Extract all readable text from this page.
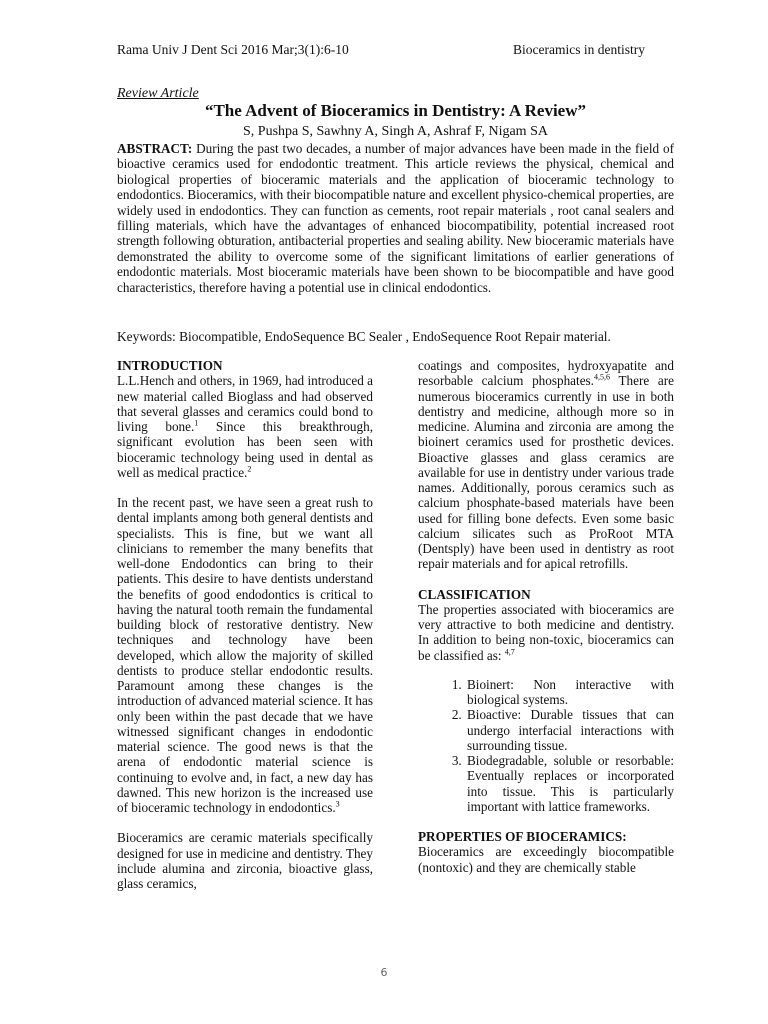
Rama Univ J Dent Sci 2016 Mar;3(1):6-10	Bioceramics in dentistry
Review Article
“The Advent of Bioceramics in Dentistry: A Review”
S, Pushpa S, Sawhny A, Singh A, Ashraf F, Nigam SA

ABSTRACT: During the past two decades, a number of major advances have been made in the field of bioactive ceramics used for endodontic treatment. This article reviews the physical, chemical and biological properties of bioceramic materials and the application of bioceramic technology to endodontics. Bioceramics, with their biocompatible nature and excellent physico-chemical properties, are widely used in endodontics. They can function as cements, root repair materials , root canal sealers and filling materials, which have the advantages of enhanced biocompatibility, potential increased root strength following obturation, antibacterial properties and sealing ability. New bioceramic materials have demonstrated the ability to overcome some of the significant limitations of earlier generations of endodontic materials. Most bioceramic materials have been shown to be biocompatible and have good characteristics, therefore having a potential use in clinical endodontics.

Keywords: Biocompatible, EndoSequence BC Sealer , EndoSequence Root Repair material.

INTRODUCTION
L.L.Hench and others, in 1969, had introduced a new material called Bioglass and had observed that several glasses and ceramics could bond to living bone.$^1$ Since this breakthrough, significant evolution has been seen with bioceramic technology being used in dental as well as medical practice.$^2$

In the recent past, we have seen a great rush to dental implants among both general dentists and specialists. This is fine, but we want all clinicians to remember the many benefits that well-done Endodontics can bring to their patients. This desire to have dentists understand the benefits of good endodontics is critical to having the natural tooth remain the fundamental building block of restorative dentistry. New techniques and technology have been developed, which allow the majority of skilled dentists to produce stellar endodontic results. Paramount among these changes is the introduction of advanced material science. It has only been within the past decade that we have witnessed significant changes in endodontic material science. The good news is that the arena of endodontic material science is continuing to evolve and, in fact, a new day has dawned. This new horizon is the increased use of bioceramic technology in endodontics.$^3$

Bioceramics are ceramic materials specifically designed for use in medicine and dentistry. They include alumina and zirconia, bioactive glass, glass ceramics,

coatings and composites, hydroxyapatite and resorbable calcium phosphates.$^{4,5,6}$ There are numerous bioceramics currently in use in both dentistry and medicine, although more so in medicine. Alumina and zirconia are among the bioinert ceramics used for prosthetic devices. Bioactive glasses and glass ceramics are available for use in dentistry under various trade names. Additionally, porous ceramics such as calcium phosphate-based materials have been used for filling bone defects. Even some basic calcium silicates such as ProRoot MTA (Dentsply) have been used in dentistry as root repair materials and for apical retrofills.

CLASSIFICATION
The properties associated with bioceramics are very attractive to both medicine and dentistry. In addition to being non-toxic, bioceramics can be classified as: $^{4,7}$

1. Bioinert: Non interactive with biological systems.
2. Bioactive: Durable tissues that can undergo interfacial interactions with surrounding tissue.
3. Biodegradable, soluble or resorbable: Eventually replaces or incorporated into tissue. This is particularly important with lattice frameworks.

PROPERTIES OF BIOCERAMICS:
Bioceramics are exceedingly biocompatible (nontoxic) and they are chemically stable

6
